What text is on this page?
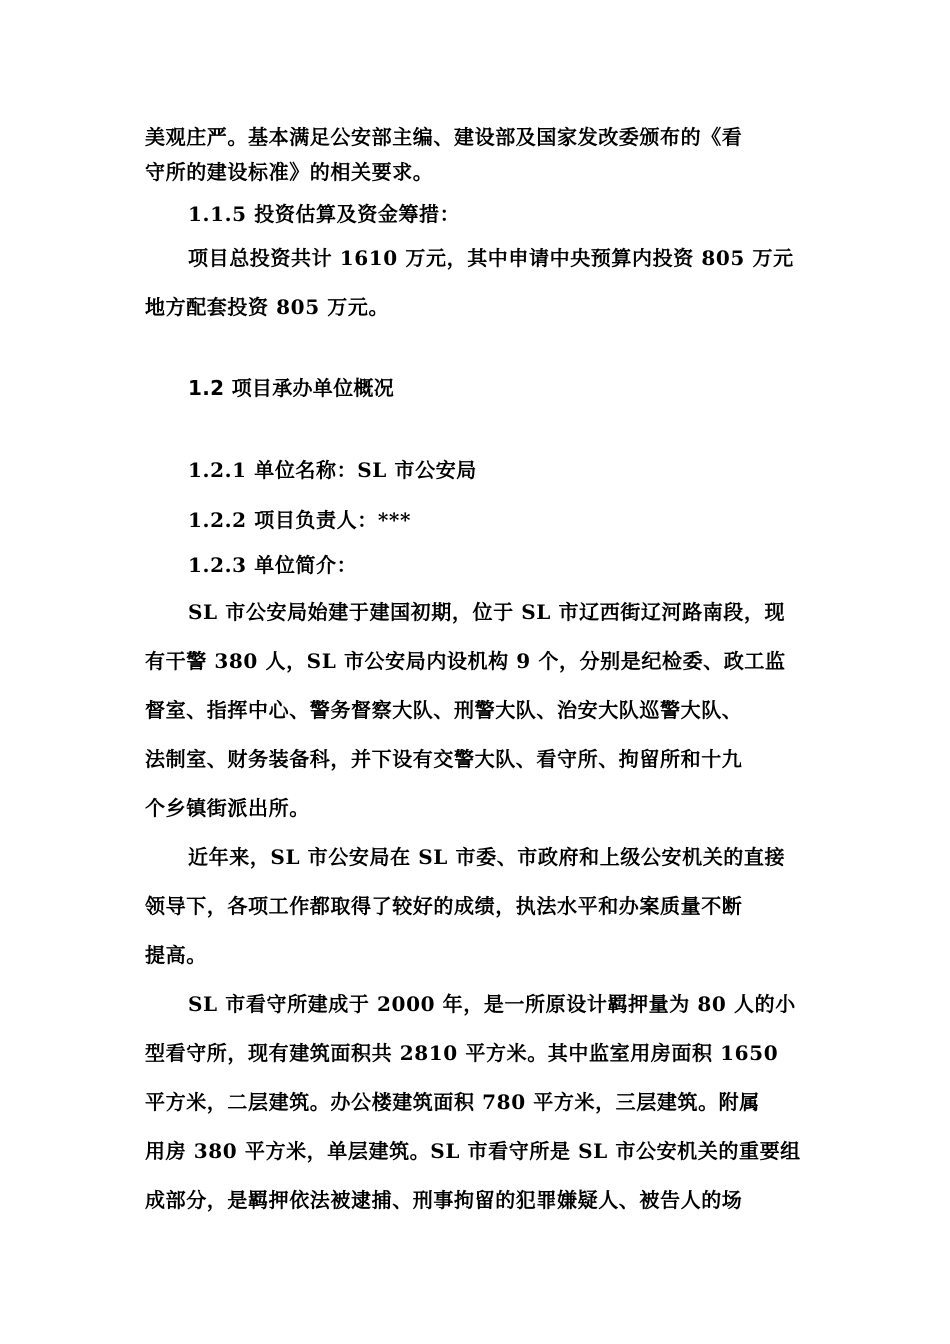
美观庄严。基本满足公安部主编、建设部及国家发改委颁布的《看
守所的建设标准》的相关要求。
1.1.5 投资估算及资金筹措：
项目总投资共计 1610 万元，其中申请中央预算内投资 805 万元
地方配套投资 805 万元。
1.2 项目承办单位概况
1.2.1 单位名称：SL 市公安局
1.2.2 项目负责人：***
1.2.3 单位简介：
SL 市公安局始建于建国初期，位于 SL 市辽西街辽河路南段，现
有干警 380 人，SL 市公安局内设机构 9 个，分别是纪检委、政工监
督室、指挥中心、警务督察大队、刑警大队、治安大队巡警大队、
法制室、财务装备科，并下设有交警大队、看守所、拘留所和十九
个乡镇街派出所。
近年来，SL 市公安局在 SL 市委、市政府和上级公安机关的直接
领导下，各项工作都取得了较好的成绩，执法水平和办案质量不断
提高。
SL 市看守所建成于 2000 年，是一所原设计羁押量为 80 人的小
型看守所，现有建筑面积共 2810 平方米。其中监室用房面积 1650
平方米，二层建筑。办公楼建筑面积 780 平方米，三层建筑。附属
用房 380 平方米，单层建筑。SL 市看守所是 SL 市公安机关的重要组
成部分，是羁押依法被逮捕、刑事拘留的犯罪嫌疑人、被告人的场
